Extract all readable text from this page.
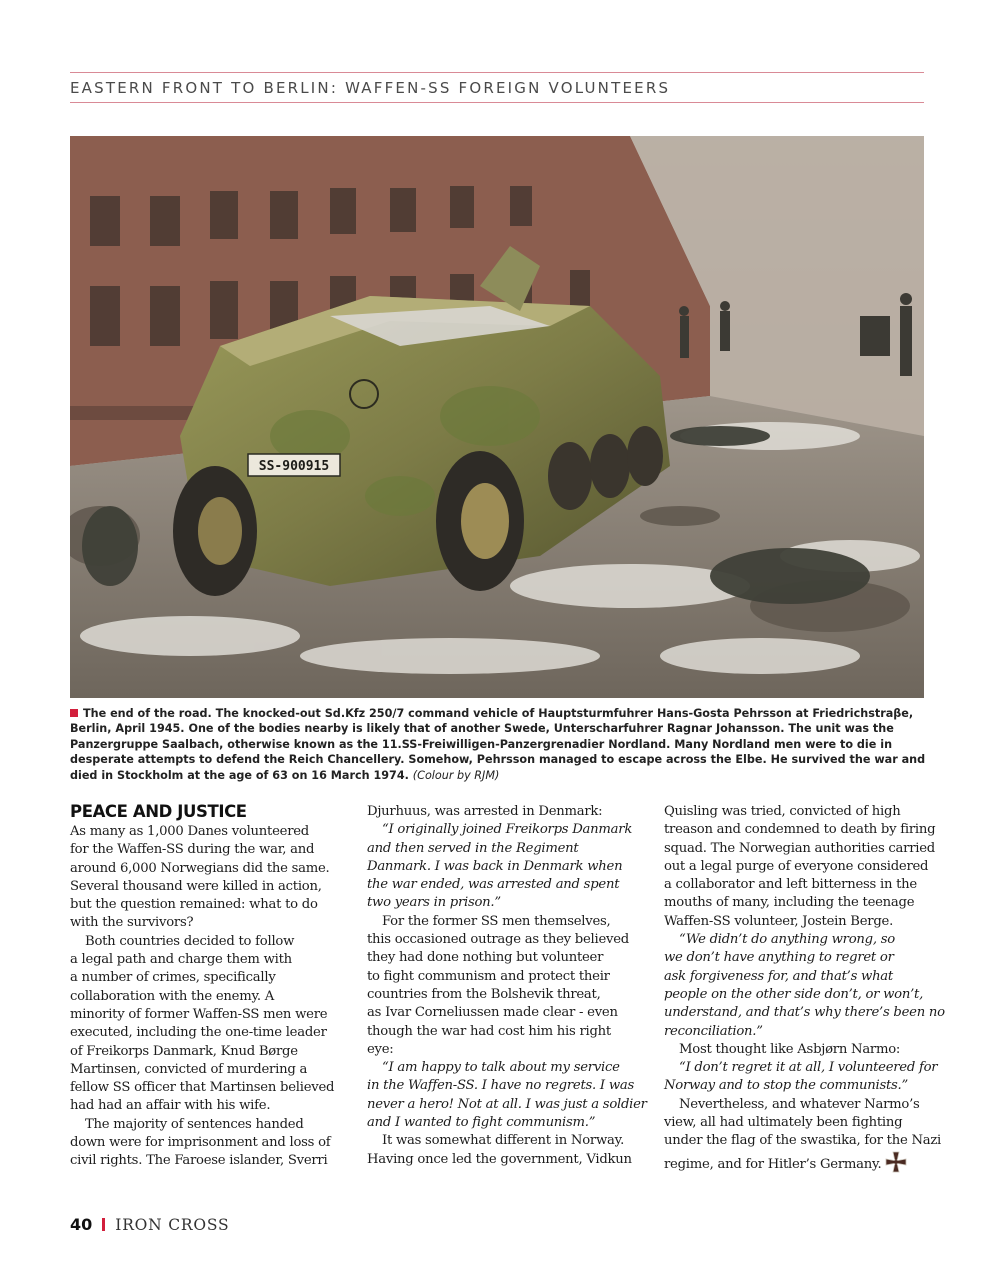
EASTERN FRONT TO BERLIN: WAFFEN-SS FOREIGN VOLUNTEERS
SS-900915
The end of the road. The knocked-out Sd.Kfz 250/7 command vehicle of Hauptsturmfuhrer Hans-Gosta Pehrsson at Friedrichstraβe, Berlin, April 1945. One of the bodies nearby is likely that of another Swede, Unterscharfuhrer Ragnar Johansson. The unit was the Panzergruppe Saalbach, otherwise known as the 11.SS-Freiwilligen-Panzergrenadier Nordland. Many Nordland men were to die in desperate attempts to defend the Reich Chancellery. Somehow, Pehrsson managed to escape across the Elbe. He survived the war and died in Stockholm at the age of 63 on 16 March 1974. (Colour by RJM)
PEACE AND JUSTICE

As many as 1,000 Danes volunteered
for the Waffen-SS during the war, and
around 6,000 Norwegians did the same.
Several thousand were killed in action,
but the question remained: what to do
with the survivors?

Both countries decided to follow
a legal path and charge them with
a number of crimes, specifically
collaboration with the enemy. A
minority of former Waffen-SS men were
executed, including the one-time leader
of Freikorps Danmark, Knud Børge
Martinsen, convicted of murdering a
fellow SS officer that Martinsen believed
had had an affair with his wife.

The majority of sentences handed
down were for imprisonment and loss of
civil rights. The Faroese islander, Sverri

Djurhuus, was arrested in Denmark:

“I originally joined Freikorps Danmark
and then served in the Regiment
Danmark. I was back in Denmark when
the war ended, was arrested and spent
two years in prison.”

For the former SS men themselves,
this occasioned outrage as they believed
they had done nothing but volunteer
to fight communism and protect their
countries from the Bolshevik threat,
as Ivar Corneliussen made clear - even
though the war had cost him his right
eye:

“I am happy to talk about my service
in the Waffen-SS. I have no regrets. I was
never a hero! Not at all. I was just a soldier
and I wanted to fight communism.”

It was somewhat different in Norway.
Having once led the government, Vidkun

Quisling was tried, convicted of high
treason and condemned to death by firing
squad. The Norwegian authorities carried
out a legal purge of everyone considered
a collaborator and left bitterness in the
mouths of many, including the teenage
Waffen-SS volunteer, Jostein Berge.

“We didn’t do anything wrong, so
we don’t have anything to regret or
ask forgiveness for, and that’s what
people on the other side don’t, or won’t,
understand, and that’s why there’s been no
reconciliation.”

Most thought like Asbjørn Narmo:

“I don’t regret it at all, I volunteered for
Norway and to stop the communists.”

Nevertheless, and whatever Narmo’s
view, all had ultimately been fighting
under the flag of the swastika, for the Nazi
regime, and for Hitler’s Germany.

40 IRON CROSS
